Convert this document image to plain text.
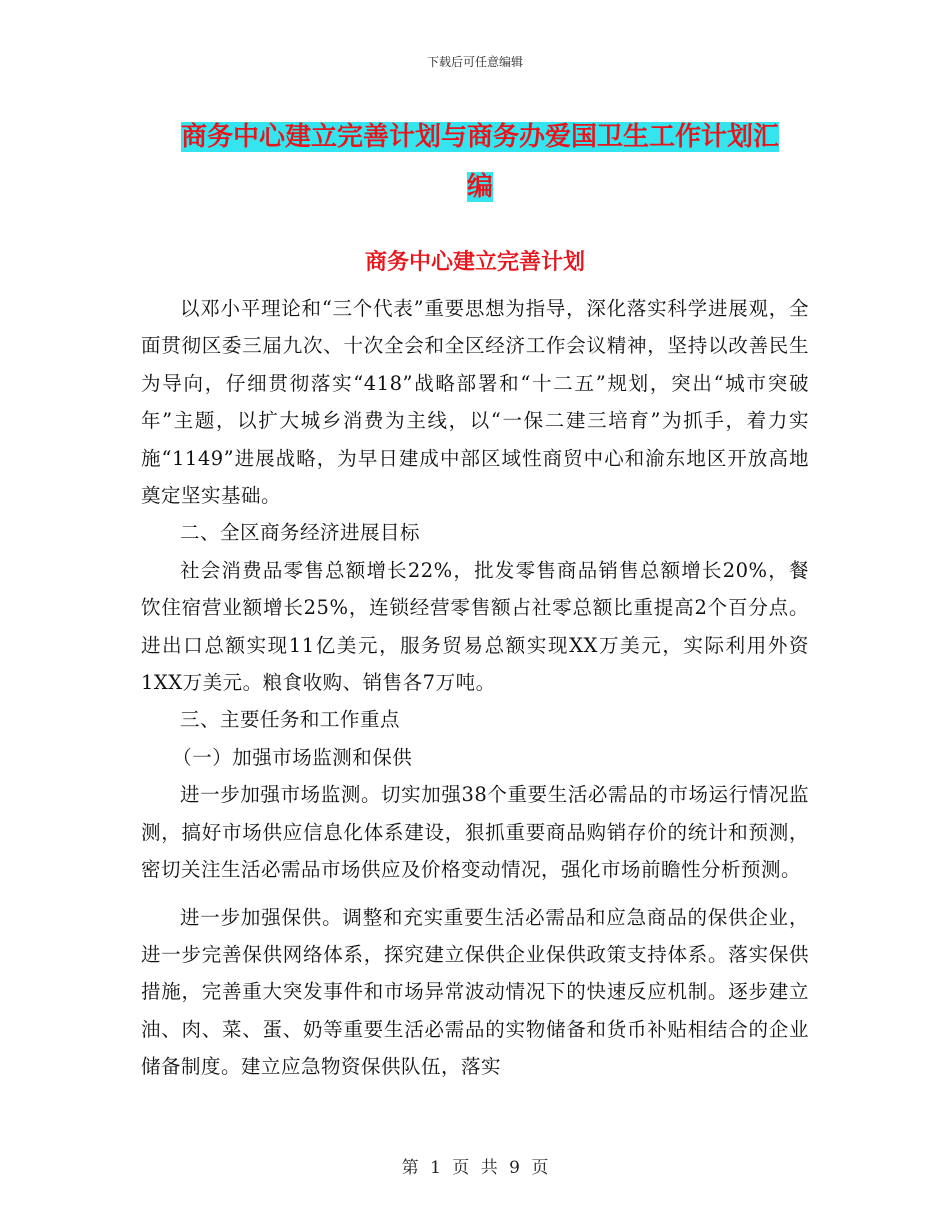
下载后可任意编辑
商务中心建立完善计划与商务办爱国卫生工作计划汇
编
商务中心建立完善计划

以邓小平理论和“三个代表”重要思想为指导，深化落实科学进展观，全面贯彻区委三届九次、十次全会和全区经济工作会议精神，坚持以改善民生为导向，仔细贯彻落实“418”战略部署和“十二五”规划，突出“城市突破年”主题，以扩大城乡消费为主线，以“一保二建三培育”为抓手，着力实施“1149”进展战略，为早日建成中部区域性商贸中心和渝东地区开放高地奠定坚实基础。

二、全区商务经济进展目标

社会消费品零售总额增长22%，批发零售商品销售总额增长20%，餐饮住宿营业额增长25%，连锁经营零售额占社零总额比重提高2个百分点。进出口总额实现11亿美元，服务贸易总额实现XX万美元，实际利用外资1XX万美元。粮食收购、销售各7万吨。

三、主要任务和工作重点

（一）加强市场监测和保供

进一步加强市场监测。切实加强38个重要生活必需品的市场运行情况监测，搞好市场供应信息化体系建设，狠抓重要商品购销存价的统计和预测，密切关注生活必需品市场供应及价格变动情况，强化市场前瞻性分析预测。

进一步加强保供。调整和充实重要生活必需品和应急商品的保供企业，进一步完善保供网络体系，探究建立保供企业保供政策支持体系。落实保供措施，完善重大突发事件和市场异常波动情况下的快速反应机制。逐步建立油、肉、菜、蛋、奶等重要生活必需品的实物储备和货币补贴相结合的企业储备制度。建立应急物资保供队伍，落实

第 1 页 共 9 页
